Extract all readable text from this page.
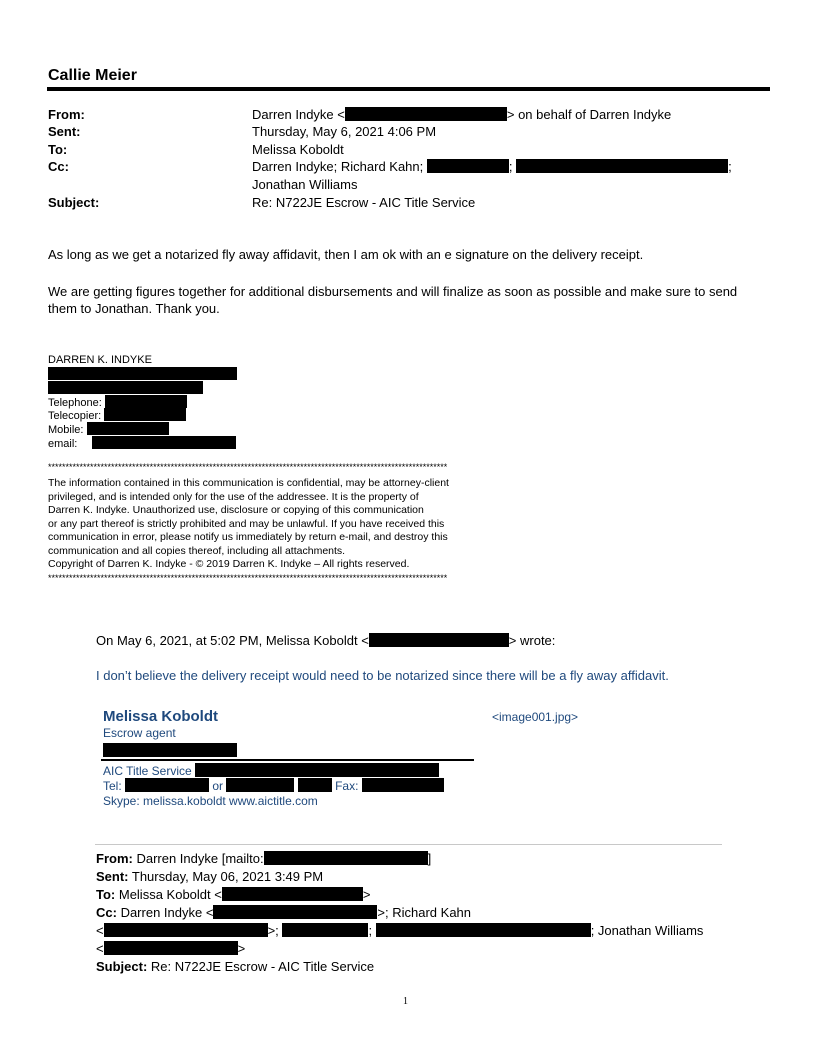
Callie Meier
From:	Darren Indyke <	> on behalf of Darren Indyke
Sent:	Thursday, May 6, 2021 4:06 PM
To:	Melissa Koboldt
Cc:	Darren Indyke; Richard Kahn;	;	;
Jonathan Williams
Subject:	Re: N722JE Escrow - AIC Title Service
As long as we get a notarized fly away affidavit, then I am ok with an e signature on the delivery receipt.
We are getting figures together for additional disbursements and will finalize as soon as possible and make sure to send
them to Jonathan. Thank you.
DARREN K. INDYKE
Telephone:
Telecopier:
Mobile:
email:
******************************************************************************************************************
The information contained in this communication is confidential, may be attorney-client
privileged, and is intended only for the use of the addressee. It is the property of
Darren K. Indyke. Unauthorized use, disclosure or copying of this communication
or any part thereof is strictly prohibited and may be unlawful. If you have received this
communication in error, please notify us immediately by return e-mail, and destroy this
communication and all copies thereof, including all attachments.
Copyright of Darren K. Indyke - © 2019 Darren K. Indyke – All rights reserved.
******************************************************************************************************************
On May 6, 2021, at 5:02 PM, Melissa Koboldt <	> wrote:
I don’t believe the delivery receipt would need to be notarized since there will be a fly away affidavit.
Melissa Koboldt
Escrow agent
<image001.jpg>
AIC Title Service
Tel:	or	Fax:
Skype: melissa.koboldt www.aictitle.com
From: Darren Indyke [mailto:	]
Sent: Thursday, May 06, 2021 3:49 PM
To: Melissa Koboldt <	>
Cc: Darren Indyke <	>; Richard Kahn
<	>;	;	; Jonathan Williams
<	>
Subject: Re: N722JE Escrow - AIC Title Service
1
